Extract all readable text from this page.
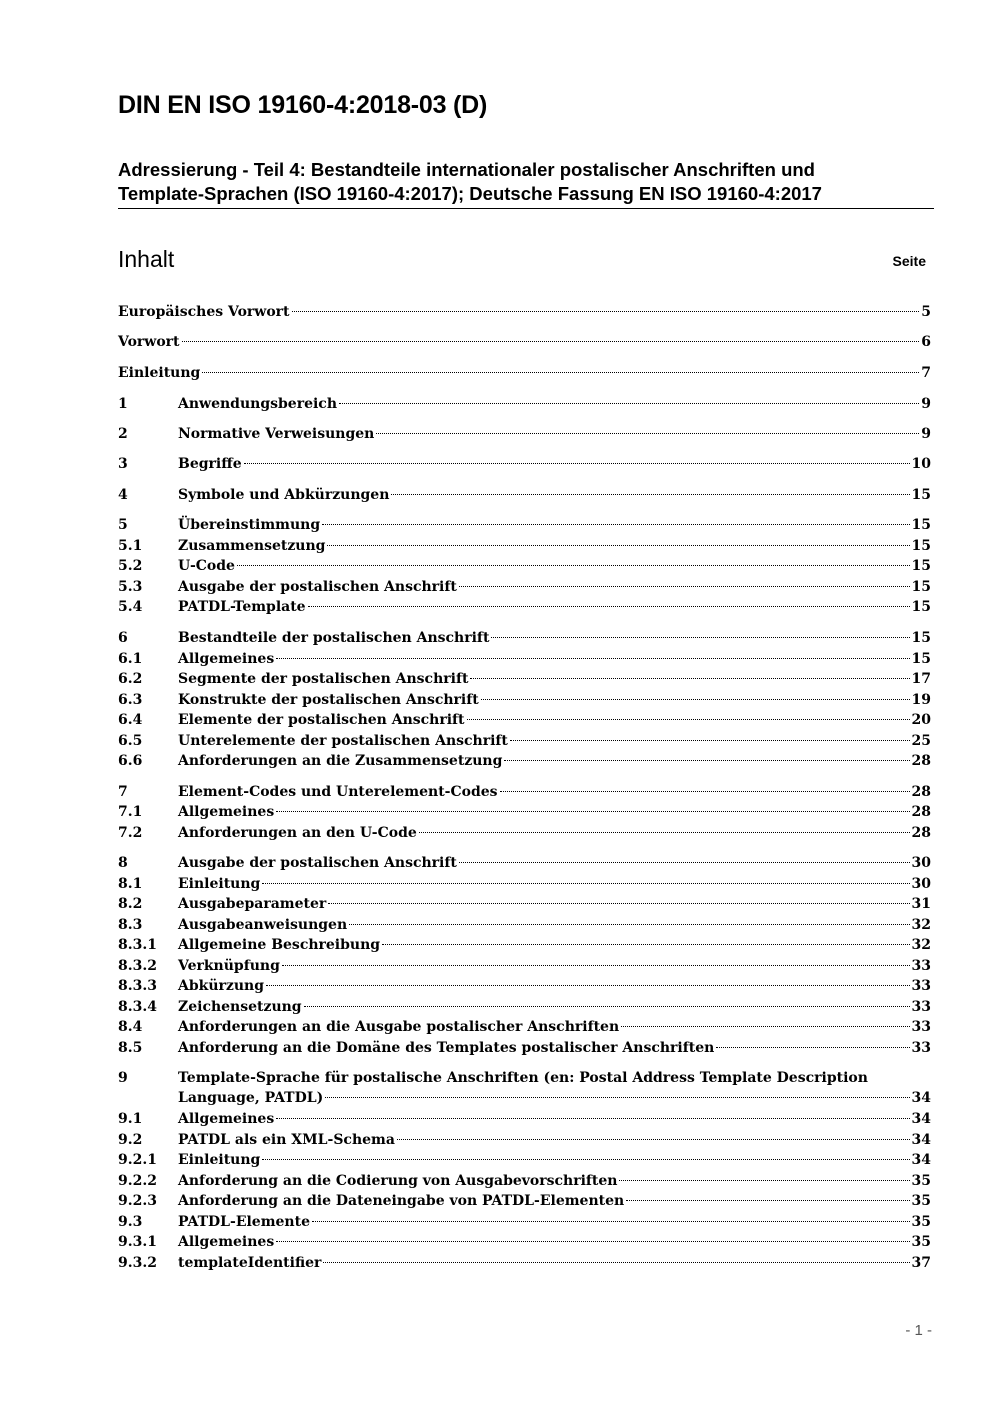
DIN EN ISO 19160-4:2018-03 (D)
Adressierung - Teil 4: Bestandteile internationaler postalischer Anschriften und
Template-Sprachen (ISO 19160-4:2017); Deutsche Fassung EN ISO 19160-4:2017
Inhalt	Seite
Europäisches Vorwort	5
Vorwort	6
Einleitung	7
1	Anwendungsbereich	9
2	Normative Verweisungen	9
3	Begriffe	10
4	Symbole und Abkürzungen	15
5	Übereinstimmung	15
5.1	Zusammensetzung	15
5.2	U-Code	15
5.3	Ausgabe der postalischen Anschrift	15
5.4	PATDL-Template	15
6	Bestandteile der postalischen Anschrift	15
6.1	Allgemeines	15
6.2	Segmente der postalischen Anschrift	17
6.3	Konstrukte der postalischen Anschrift	19
6.4	Elemente der postalischen Anschrift	20
6.5	Unterelemente der postalischen Anschrift	25
6.6	Anforderungen an die Zusammensetzung	28
7	Element-Codes und Unterelement-Codes	28
7.1	Allgemeines	28
7.2	Anforderungen an den U-Code	28
8	Ausgabe der postalischen Anschrift	30
8.1	Einleitung	30
8.2	Ausgabeparameter	31
8.3	Ausgabeanweisungen	32
8.3.1 Allgemeine Beschreibung	32
8.3.2 Verknüpfung	33
8.3.3 Abkürzung	33
8.3.4 Zeichensetzung	33
8.4	Anforderungen an die Ausgabe postalischer Anschriften	33
8.5	Anforderung an die Domäne des Templates postalischer Anschriften	33
9	Template-Sprache für postalische Anschriften (en: Postal Address Template Description
Language, PATDL)	34
9.1	Allgemeines	34
9.2	PATDL als ein XML-Schema	34
9.2.1 Einleitung	34
9.2.2 Anforderung an die Codierung von Ausgabevorschriften	35
9.2.3 Anforderung an die Dateneingabe von PATDL-Elementen	35
9.3	PATDL-Elemente	35
9.3.1 Allgemeines	35
9.3.2 templateIdentifier	37
- 1 -
